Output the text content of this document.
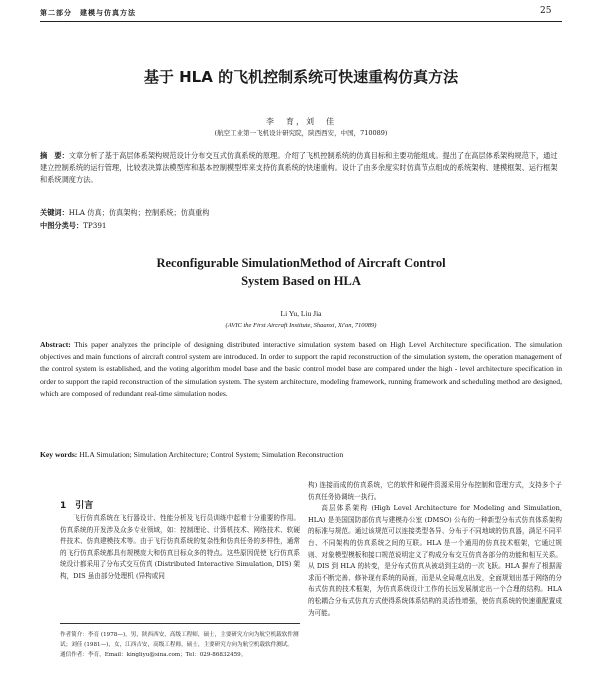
第二部分　建模与仿真方法	25
基于 HLA 的飞机控制系统可快速重构仿真方法
李　育，刘　佳
(航空工业第一飞机设计研究院，陕西西安，中国，710089)

摘　要：文章分析了基于高层体系架构规范设计分布交互式仿真系统的原理。介绍了飞机控制系统的仿真目标和主要功能组成。提出了在高层体系架构规范下，通过建立控制系统的运行管理，比较表决算法模型库和基本控制模型库来支持仿真系统的快速重构。设计了由多余度实时仿真节点组成的系统架构、建模框架、运行框架和系统调度方法。

关键词：HLA 仿真；仿真架构；控制系统；仿真重构

中图分类号：TP391

Reconfigurable SimulationMethod of Aircraft Control
System Based on HLA
Li Yu, Liu Jia
(AVIC the First Aircraft Institute, Shaanxi, Xi'an, 710089)

Abstract: This paper analyzes the principle of designing distributed interactive simulation system based on High Level Architecture specification. The simulation objectives and main functions of aircraft control system are introduced. In order to support the rapid reconstruction of the simulation system, the operation management of the control system is established, and the voting algorithm model base and the basic control model base are compared under the high - level architecture specification in order to support the rapid reconstruction of the simulation system. The system architecture, modeling framework, running framework and scheduling method are designed, which are composed of redundant real-time simulation nodes.

Key words: HLA Simulation; Simulation Architecture; Control System; Simulation Reconstruction
1　引言

飞行仿真系统在飞行器设计、性能分析及飞行员训练中起着十分重要的作用。仿真系统的开发涉及众多专业领域，如：控制理论、计算机技术、网络技术、软硬件技术、仿真建模技术等。由于飞行仿真系统的复杂性和仿真任务的多样性，通常的飞行仿真系统都具有规模庞大和仿真目标众多的特点。这些原因促使飞行仿真系统设计都采用了分布式交互仿真 (Distributed Interactive Simulation, DIS) 架构，DIS 虽由部分处理机 (异构或同

构) 连接而成的仿真系统，它的软件和硬件资源采用分布控制和管理方式，支持多个子仿真任务协调统一执行。

高层体系架构 (High Level Architecture for Modeling and Simulation, HLA) 是美国国防部仿真与建模办公室 (DMSO) 公布的一种新型分布式仿真体系架构的标准与规范。通过该规范可以连接类型各异、分布于不同地域的仿真器，满足不同平台、不同架构的仿真系统之间的互联。HLA 是一个通用的仿真技术框架，它通过规则、对象模型模板和接口规范说明定义了构成分布交互仿真各部分的功能和相互关系。从 DIS 到 HLA 的转变，是分布式仿真从被动到主动的一次飞跃。HLA 摒弃了根据需求而不断完善、修补现有系统的局面，而是从全局观点出发，全面规划出基于网络的分布式仿真的技术框架，为仿真系统设计工作的长远发展制定出一个合理的结构。HLA 的松耦合分布式仿真方式使得系统体系结构的灵活性增强，使仿真系统的快速重配置成为可能。

作者简介：李育 (1978—)，男，陕西西安，高级工程师，硕士，主要研究方向为航空机载软件测试；刘佳 (1981—)，女，江西吉安，高级工程师，硕士，主要研究方向为航空机载软件测试。
通信作者：李育，Email：kingliyu@sina.com；Tel：029-86832459。
